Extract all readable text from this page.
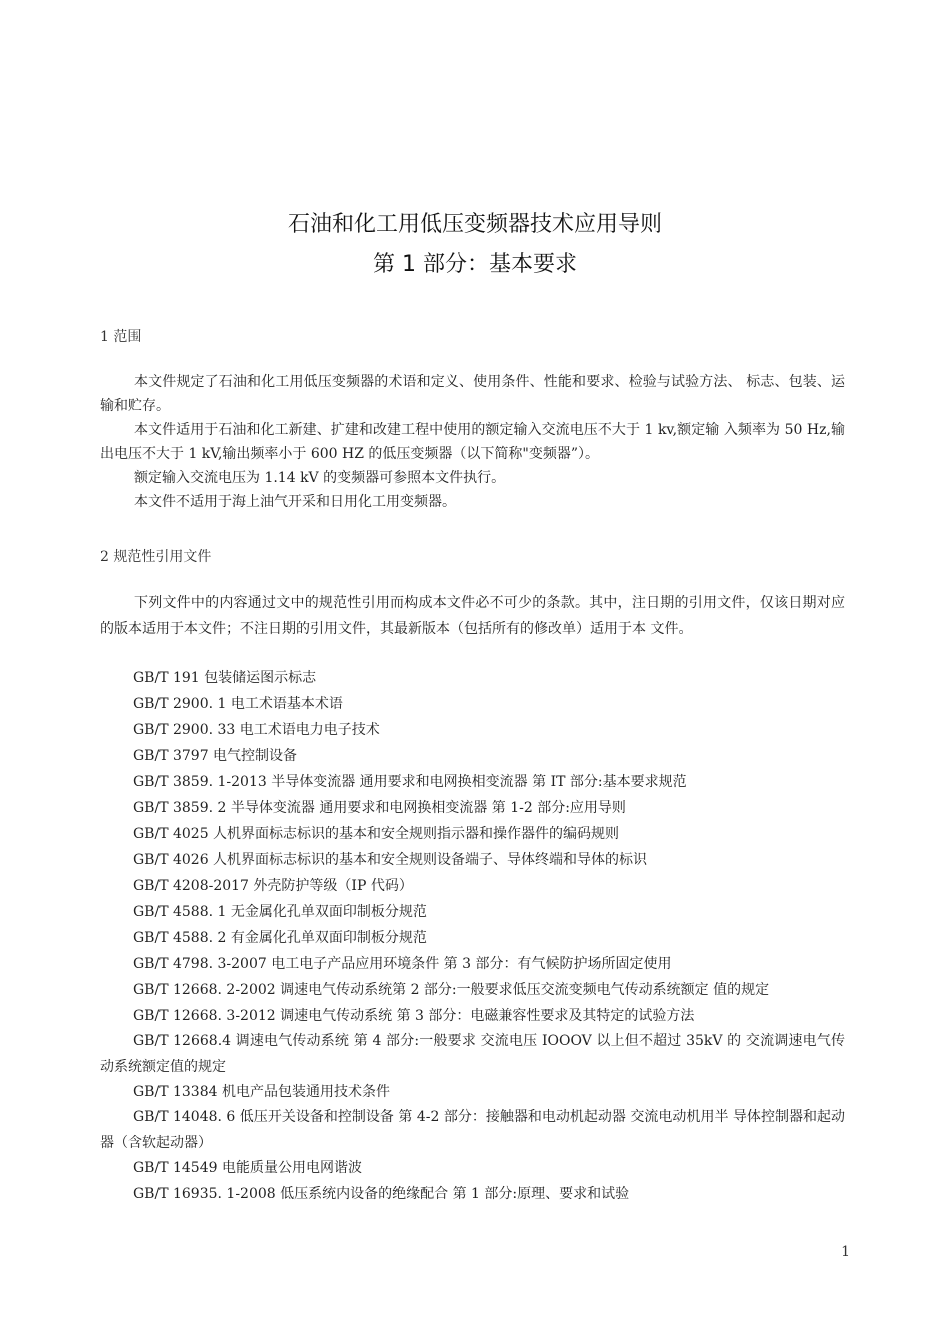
石油和化工用低压变频器技术应用导则
第 1 部分：基本要求
1 范围

本文件规定了石油和化工用低压变频器的术语和定义、使用条件、性能和要求、检验与试验方法、 标志、包装、运输和贮存。

本文件适用于石油和化工新建、扩建和改建工程中使用的额定输入交流电压不大于 1 kv,额定输 入频率为 50 Hz,输出电压不大于 1 kV,输出频率小于 600 HZ 的低压变频器（以下简称"变频器”）。

额定输入交流电压为 1.14 kV 的变频器可参照本文件执行。

本文件不适用于海上油气开采和日用化工用变频器。

2 规范性引用文件

下列文件中的内容通过文中的规范性引用而构成本文件必不可少的条款。其中，注日期的引用文件，仅该日期对应的版本适用于本文件；不注日期的引用文件，其最新版本（包括所有的修改单）适用于本 文件。

GB/T 191 包装储运图示标志

GB/T 2900. 1 电工术语基本术语

GB/T 2900. 33 电工术语电力电子技术

GB/T 3797 电气控制设备

GB/T 3859. 1-2013 半导体变流器 通用要求和电网换相变流器 第 IT 部分:基本要求规范

GB/T 3859. 2 半导体变流器 通用要求和电网换相变流器 第 1-2 部分:应用导则

GB/T 4025 人机界面标志标识的基本和安全规则指示器和操作器件的编码规则

GB/T 4026 人机界面标志标识的基本和安全规则设备端子、导体终端和导体的标识

GB/T 4208-2017 外壳防护等级（IP 代码）

GB/T 4588. 1 无金属化孔单双面印制板分规范

GB/T 4588. 2 有金属化孔单双面印制板分规范

GB/T 4798. 3-2007 电工电子产品应用环境条件 第 3 部分：有气候防护场所固定使用

GB/T 12668. 2-2002 调速电气传动系统第 2 部分:一般要求低压交流变频电气传动系统额定 值的规定

GB/T 12668. 3-2012 调速电气传动系统 第 3 部分：电磁兼容性要求及其特定的试验方法

GB/T 12668.4 调速电气传动系统 第 4 部分:一般要求 交流电压 IOOOV 以上但不超过 35kV 的 交流调速电气传动系统额定值的规定

GB/T 13384 机电产品包装通用技术条件

GB/T 14048. 6 低压开关设备和控制设备 第 4-2 部分：接触器和电动机起动器 交流电动机用半 导体控制器和起动器（含软起动器）

GB/T 14549 电能质量公用电网谐波

GB/T 16935. 1-2008 低压系统内设备的绝缘配合 第 1 部分:原理、要求和试验

1
